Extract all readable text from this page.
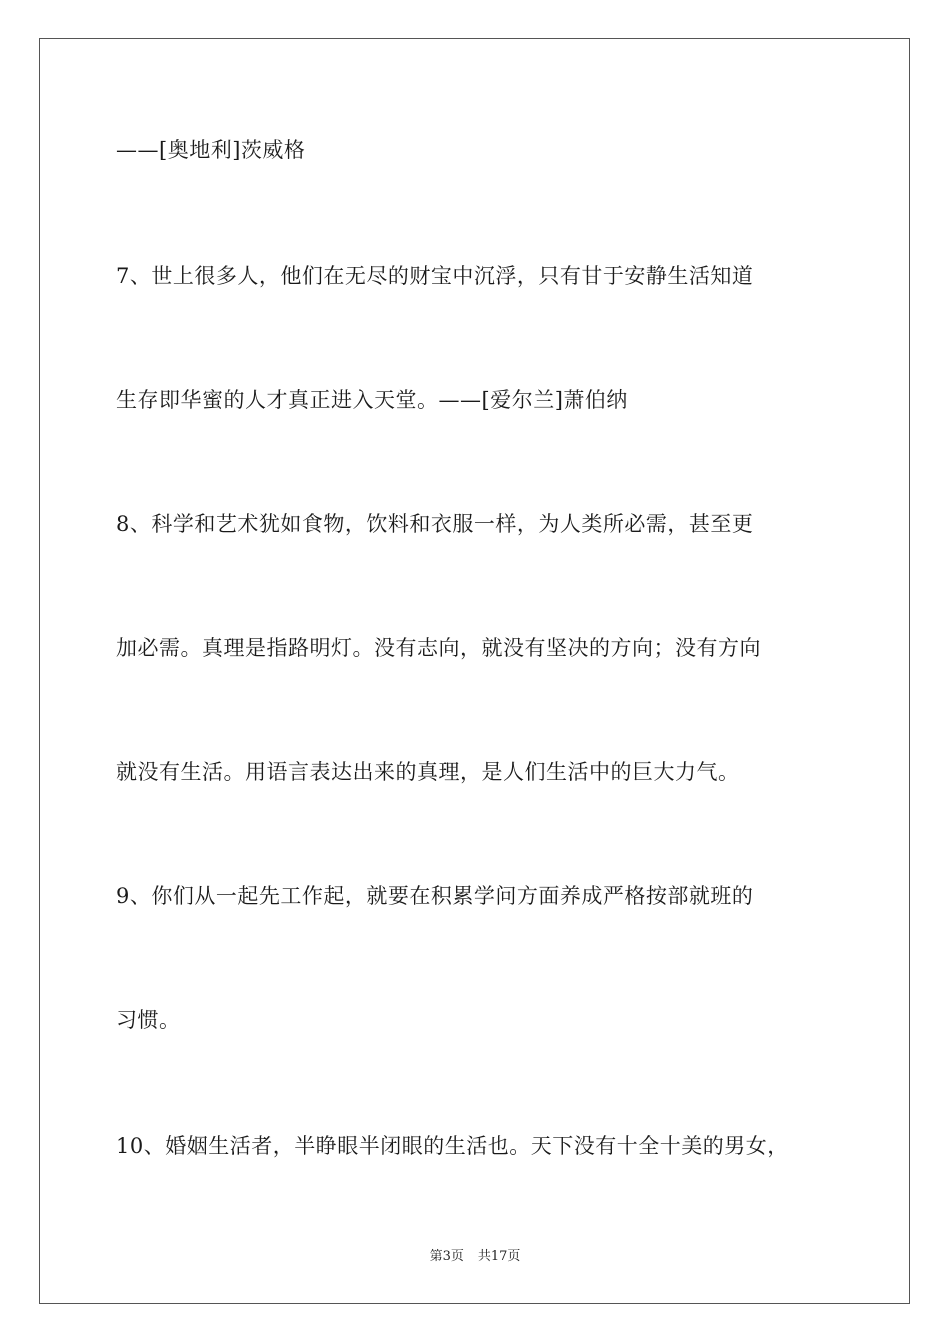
——[奥地利]茨威格
7、世上很多人，他们在无尽的财宝中沉浮，只有甘于安静生活知道
生存即华蜜的人才真正进入天堂。——[爱尔兰]萧伯纳
8、科学和艺术犹如食物，饮料和衣服一样，为人类所必需，甚至更
加必需。真理是指路明灯。没有志向，就没有坚决的方向；没有方向
就没有生活。用语言表达出来的真理，是人们生活中的巨大力气。
9、你们从一起先工作起，就要在积累学问方面养成严格按部就班的
习惯。
10、婚姻生活者，半睁眼半闭眼的生活也。天下没有十全十美的男女，
第3页 共17页
